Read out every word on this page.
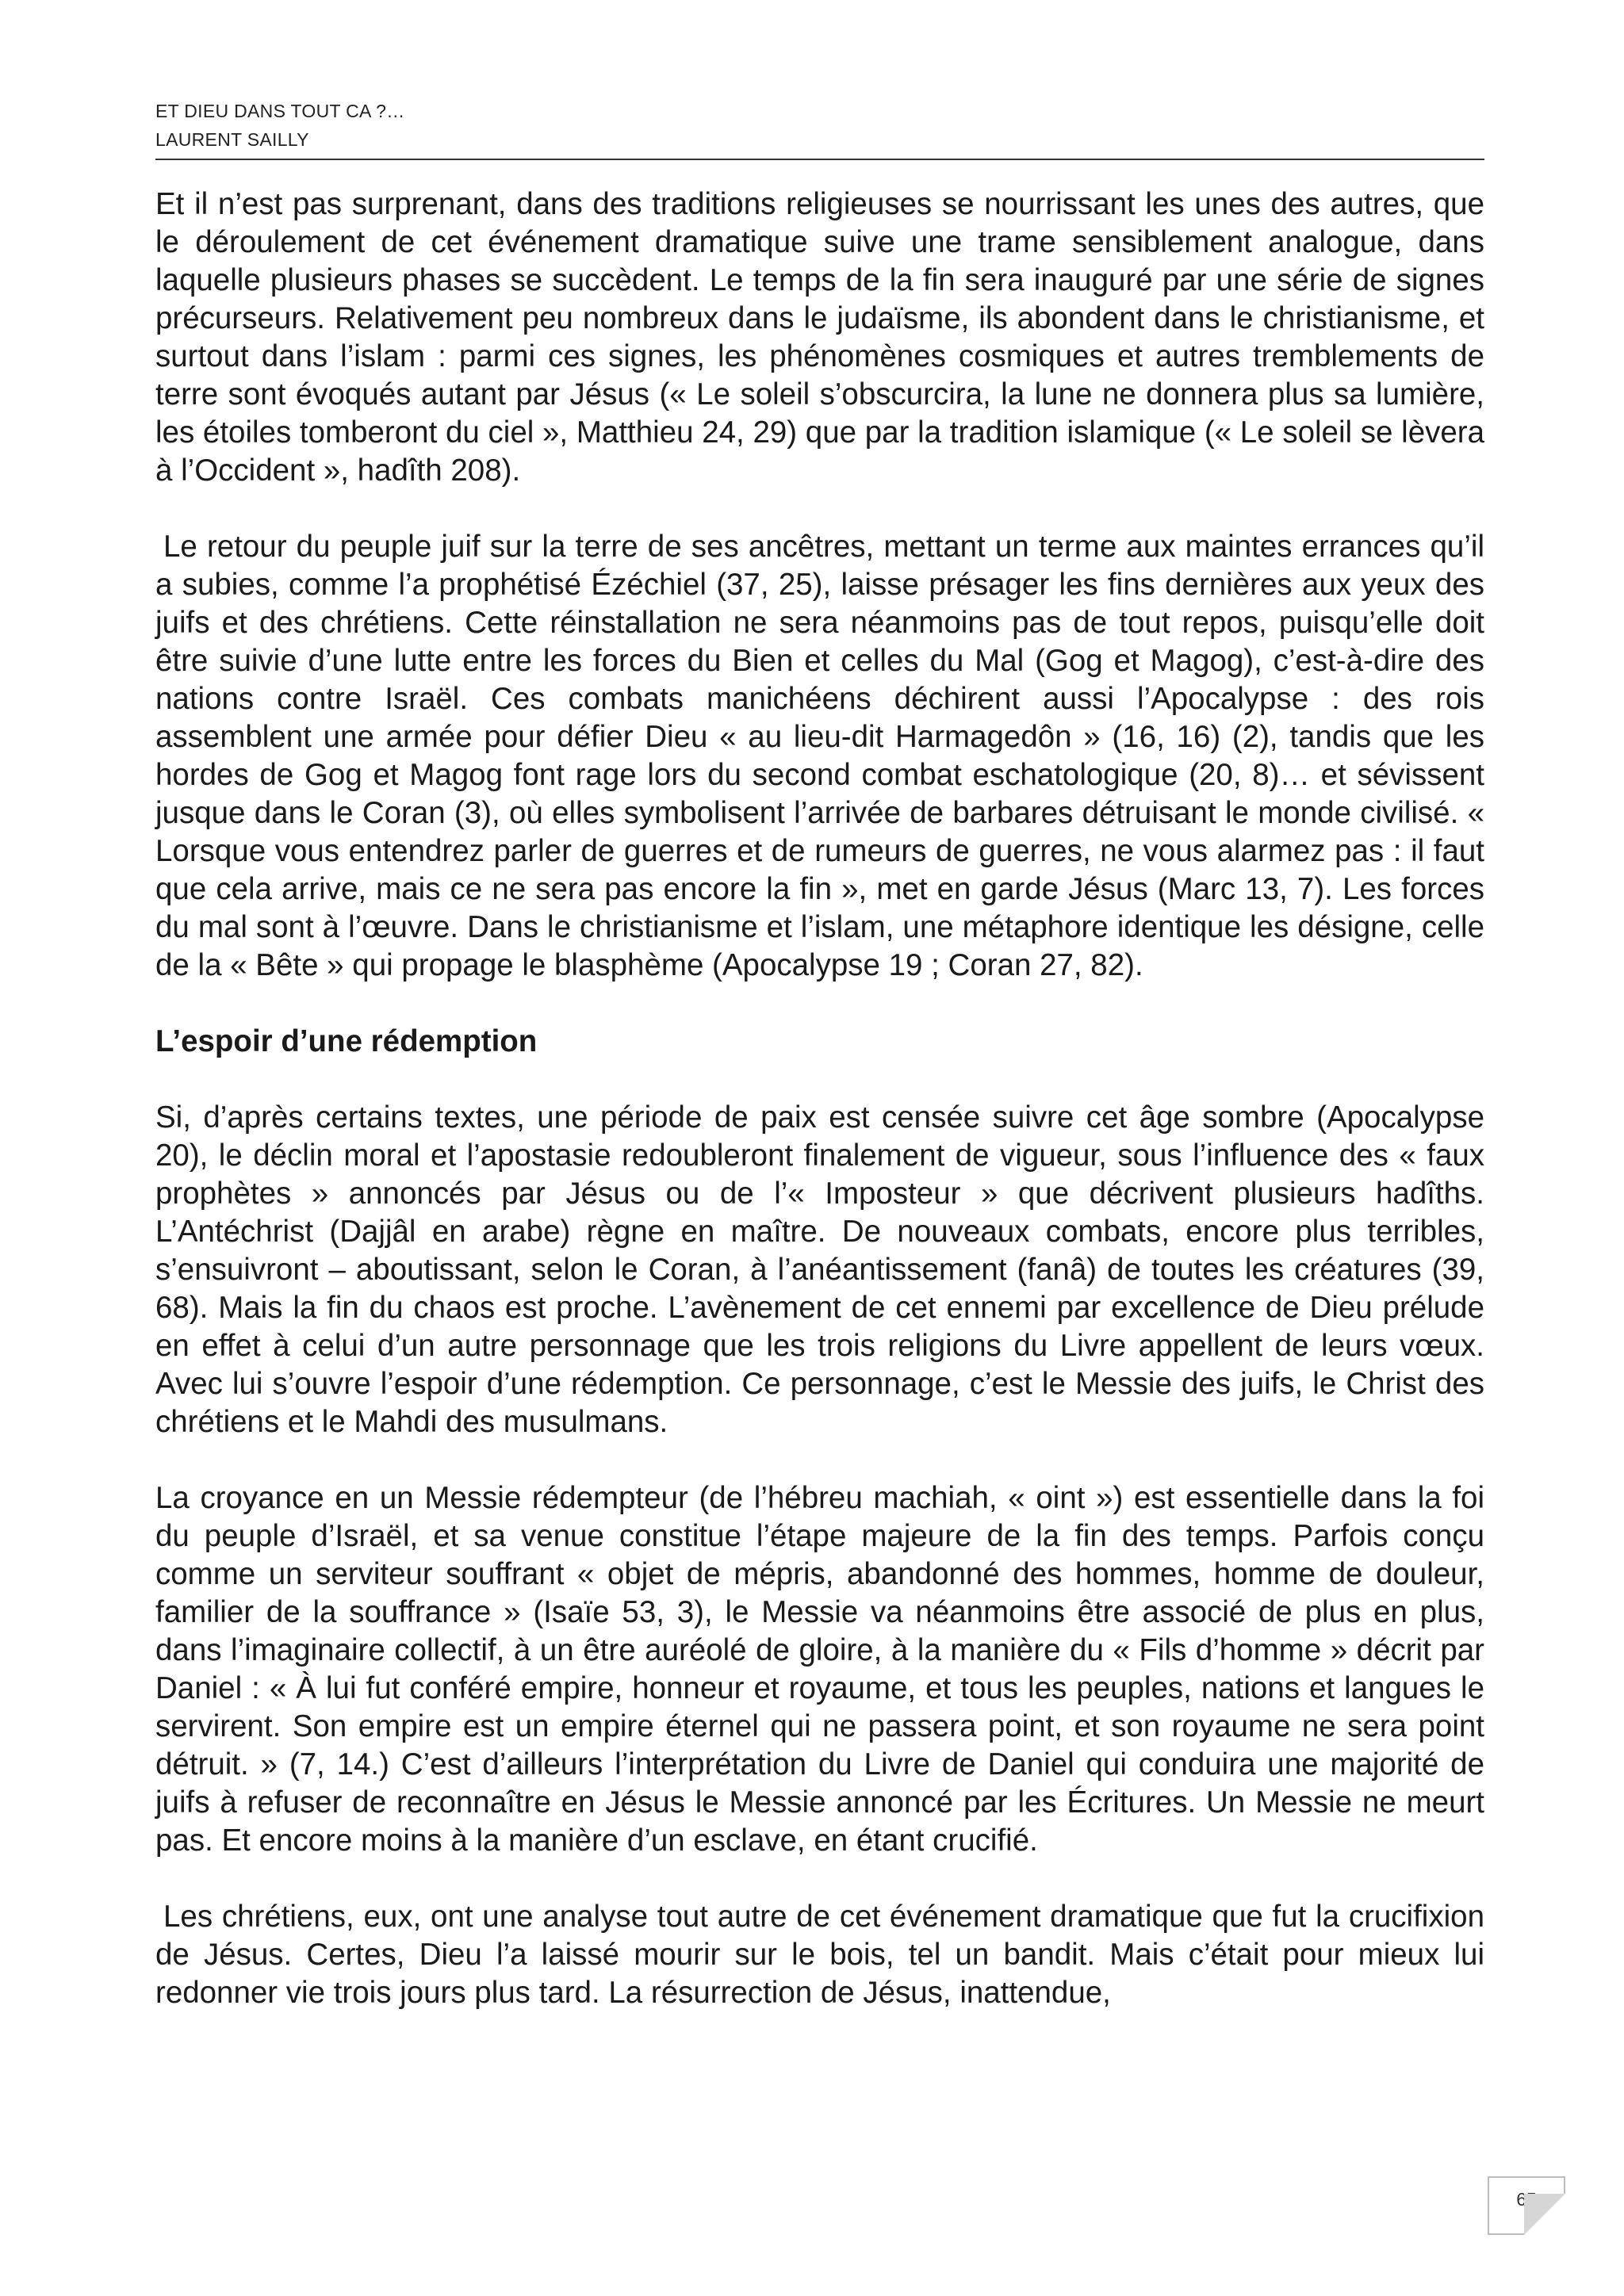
ET DIEU DANS TOUT CA ?…
LAURENT SAILLY

Et il n’est pas surprenant, dans des traditions religieuses se nourrissant les unes des autres, que le déroulement de cet événement dramatique suive une trame sensiblement analogue, dans laquelle plusieurs phases se succèdent. Le temps de la fin sera inauguré par une série de signes précurseurs. Relativement peu nombreux dans le judaïsme, ils abondent dans le christianisme, et surtout dans l’islam : parmi ces signes, les phénomènes cosmiques et autres tremblements de terre sont évoqués autant par Jésus (« Le soleil s’obscurcira, la lune ne donnera plus sa lumière, les étoiles tomberont du ciel », Matthieu 24, 29) que par la tradition islamique (« Le soleil se lèvera à l’Occident », hadîth 208).

Le retour du peuple juif sur la terre de ses ancêtres, mettant un terme aux maintes errances qu’il a subies, comme l’a prophétisé Ézéchiel (37, 25), laisse présager les fins dernières aux yeux des juifs et des chrétiens. Cette réinstallation ne sera néanmoins pas de tout repos, puisqu’elle doit être suivie d’une lutte entre les forces du Bien et celles du Mal (Gog et Magog), c’est-à-dire des nations contre Israël. Ces combats manichéens déchirent aussi l’Apocalypse : des rois assemblent une armée pour défier Dieu « au lieu-dit Harmagedôn » (16, 16) (2), tandis que les hordes de Gog et Magog font rage lors du second combat eschatologique (20, 8)… et sévissent jusque dans le Coran (3), où elles symbolisent l’arrivée de barbares détruisant le monde civilisé. « Lorsque vous entendrez parler de guerres et de rumeurs de guerres, ne vous alarmez pas : il faut que cela arrive, mais ce ne sera pas encore la fin », met en garde Jésus (Marc 13, 7). Les forces du mal sont à l’œuvre. Dans le christianisme et l’islam, une métaphore identique les désigne, celle de la « Bête » qui propage le blasphème (Apocalypse 19 ; Coran 27, 82).

L’espoir d’une rédemption

Si, d’après certains textes, une période de paix est censée suivre cet âge sombre (Apocalypse 20), le déclin moral et l’apostasie redoubleront finalement de vigueur, sous l’influence des « faux prophètes » annoncés par Jésus ou de l’« Imposteur » que décrivent plusieurs hadîths. L’Antéchrist (Dajjâl en arabe) règne en maître. De nouveaux combats, encore plus terribles, s’ensuivront – aboutissant, selon le Coran, à l’anéantissement (fanâ) de toutes les créatures (39, 68). Mais la fin du chaos est proche. L’avènement de cet ennemi par excellence de Dieu prélude en effet à celui d’un autre personnage que les trois religions du Livre appellent de leurs vœux. Avec lui s’ouvre l’espoir d’une rédemption. Ce personnage, c’est le Messie des juifs, le Christ des chrétiens et le Mahdi des musulmans.

La croyance en un Messie rédempteur (de l’hébreu machiah, « oint ») est essentielle dans la foi du peuple d’Israël, et sa venue constitue l’étape majeure de la fin des temps. Parfois conçu comme un serviteur souffrant « objet de mépris, abandonné des hommes, homme de douleur, familier de la souffrance » (Isaïe 53, 3), le Messie va néanmoins être associé de plus en plus, dans l’imaginaire collectif, à un être auréolé de gloire, à la manière du « Fils d’homme » décrit par Daniel : « À lui fut conféré empire, honneur et royaume, et tous les peuples, nations et langues le servirent. Son empire est un empire éternel qui ne passera point, et son royaume ne sera point détruit. » (7, 14.) C’est d’ailleurs l’interprétation du Livre de Daniel qui conduira une majorité de juifs à refuser de reconnaître en Jésus le Messie annoncé par les Écritures. Un Messie ne meurt pas. Et encore moins à la manière d’un esclave, en étant crucifié.

Les chrétiens, eux, ont une analyse tout autre de cet événement dramatique que fut la crucifixion de Jésus. Certes, Dieu l’a laissé mourir sur le bois, tel un bandit. Mais c’était pour mieux lui redonner vie trois jours plus tard. La résurrection de Jésus, inattendue,

65
